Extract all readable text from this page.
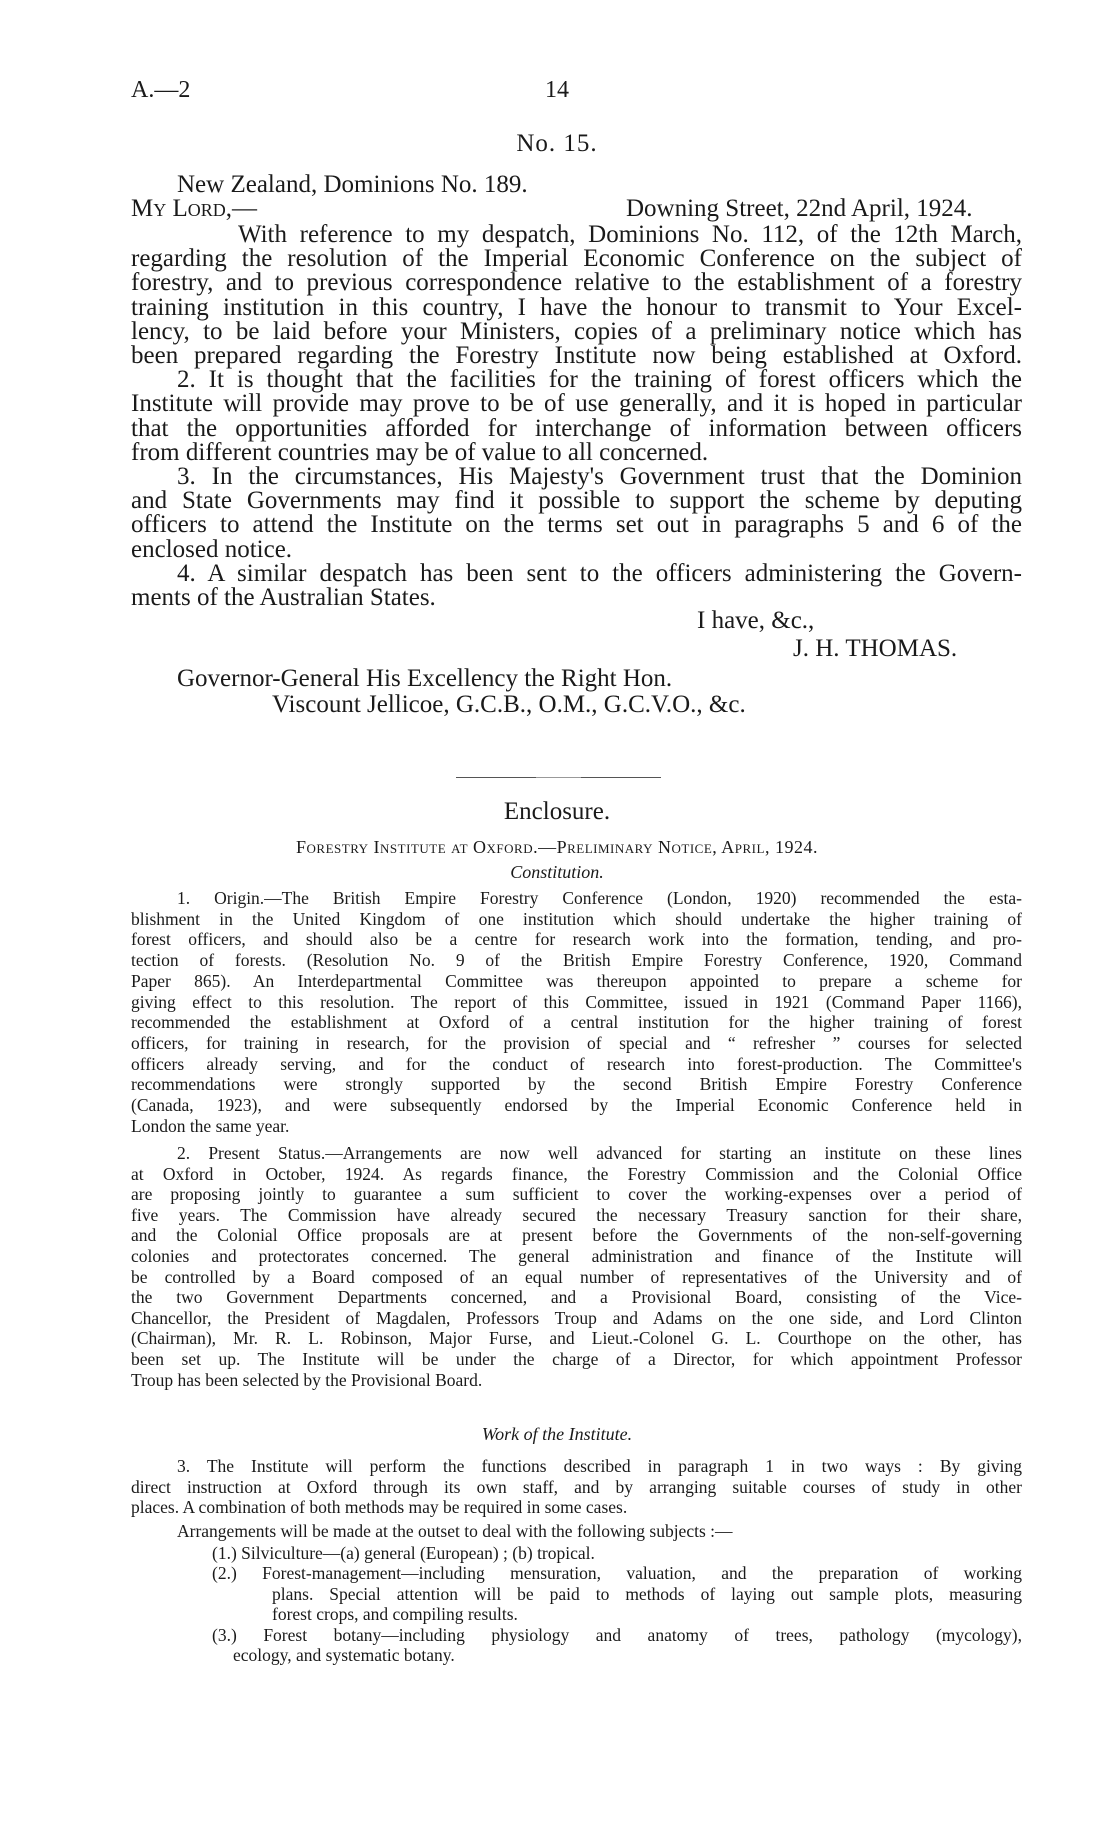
A.—2	14
No. 15.
New Zealand, Dominions No. 189.
My Lord,—	Downing Street, 22nd April, 1924.
With reference to my despatch, Dominions No. 112, of the 12th March,
regarding the resolution of the Imperial Economic Conference on the subject of
forestry, and to previous correspondence relative to the establishment of a forestry
training institution in this country, I have the honour to transmit to Your Excel-
lency, to be laid before your Ministers, copies of a preliminary notice which has
been prepared regarding the Forestry Institute now being established at Oxford.
2. It is thought that the facilities for the training of forest officers which the
Institute will provide may prove to be of use generally, and it is hoped in particular
that the opportunities afforded for interchange of information between officers
from different countries may be of value to all concerned.
3. In the circumstances, His Majesty's Government trust that the Dominion
and State Governments may find it possible to support the scheme by deputing
officers to attend the Institute on the terms set out in paragraphs 5 and 6 of the
enclosed notice.
4. A similar despatch has been sent to the officers administering the Govern-
ments of the Australian States.
I have, &c.,
J. H. THOMAS.
Governor-General His Excellency the Right Hon.
Viscount Jellicoe, G.C.B., O.M., G.C.V.O., &c.
Enclosure.
Forestry Institute at Oxford.—Preliminary Notice, April, 1924.
Constitution.
1. Origin.—The British Empire Forestry Conference (London, 1920) recommended the esta-
blishment in the United Kingdom of one institution which should undertake the higher training of
forest officers, and should also be a centre for research work into the formation, tending, and pro-
tection of forests. (Resolution No. 9 of the British Empire Forestry Conference, 1920, Command
Paper 865). An Interdepartmental Committee was thereupon appointed to prepare a scheme for
giving effect to this resolution. The report of this Committee, issued in 1921 (Command Paper 1166),
recommended the establishment at Oxford of a central institution for the higher training of forest
officers, for training in research, for the provision of special and “ refresher ” courses for selected
officers already serving, and for the conduct of research into forest-production. The Committee's
recommendations were strongly supported by the second British Empire Forestry Conference
(Canada, 1923), and were subsequently endorsed by the Imperial Economic Conference held in
London the same year.
2. Present Status.—Arrangements are now well advanced for starting an institute on these lines
at Oxford in October, 1924. As regards finance, the Forestry Commission and the Colonial Office
are proposing jointly to guarantee a sum sufficient to cover the working-expenses over a period of
five years. The Commission have already secured the necessary Treasury sanction for their share,
and the Colonial Office proposals are at present before the Governments of the non-self-governing
colonies and protectorates concerned. The general administration and finance of the Institute will
be controlled by a Board composed of an equal number of representatives of the University and of
the two Government Departments concerned, and a Provisional Board, consisting of the Vice-
Chancellor, the President of Magdalen, Professors Troup and Adams on the one side, and Lord Clinton
(Chairman), Mr. R. L. Robinson, Major Furse, and Lieut.-Colonel G. L. Courthope on the other, has
been set up. The Institute will be under the charge of a Director, for which appointment Professor
Troup has been selected by the Provisional Board.
Work of the Institute.
3. The Institute will perform the functions described in paragraph 1 in two ways : By giving
direct instruction at Oxford through its own staff, and by arranging suitable courses of study in other
places. A combination of both methods may be required in some cases.
Arrangements will be made at the outset to deal with the following subjects :—
(1.) Silviculture—(a) general (European) ; (b) tropical.
(2.) Forest-management—including mensuration, valuation, and the preparation of working
plans. Special attention will be paid to methods of laying out sample plots, measuring
forest crops, and compiling results.
(3.) Forest botany—including physiology and anatomy of trees, pathology (mycology),
ecology, and systematic botany.
